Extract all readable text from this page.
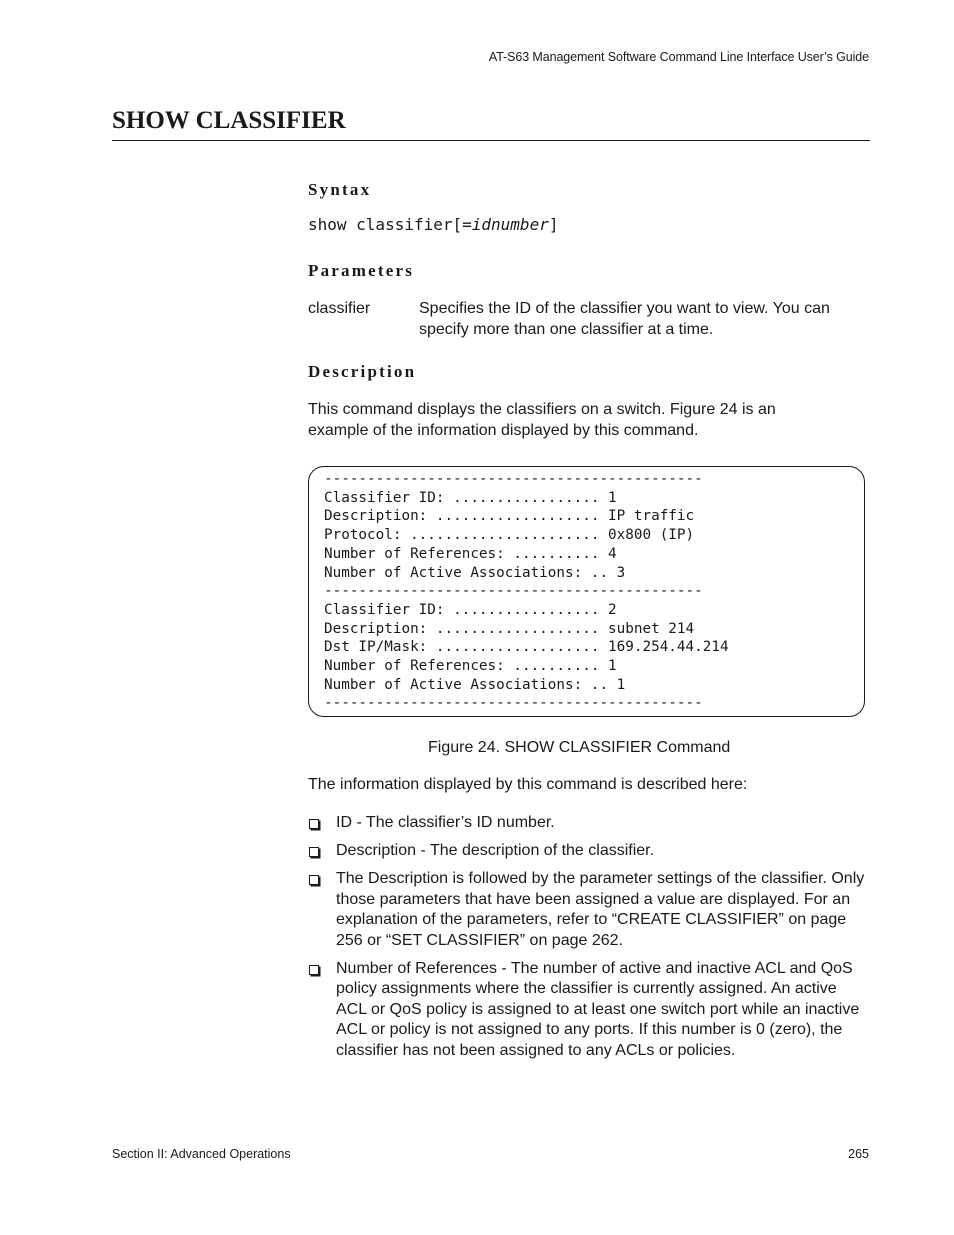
AT-S63 Management Software Command Line Interface User’s Guide
SHOW CLASSIFIER
Syntax
show classifier[=idnumber]
Parameters
classifier	Specifies the ID of the classifier you want to view. You can specify more than one classifier at a time.
Description
This command displays the classifiers on a switch. Figure 24 is an example of the information displayed by this command.
--------------------------------------------
Classifier ID: ................. 1
Description: ................... IP traffic
Protocol: ...................... 0x800 (IP)
Number of References: .......... 4
Number of Active Associations: .. 3
--------------------------------------------
Classifier ID: ................. 2
Description: ................... subnet 214
Dst IP/Mask: ................... 169.254.44.214
Number of References: .......... 1
Number of Active Associations: .. 1
--------------------------------------------
Figure 24. SHOW CLASSIFIER Command
The information displayed by this command is described here:
ID - The classifier’s ID number.
Description - The description of the classifier.
The Description is followed by the parameter settings of the classifier. Only those parameters that have been assigned a value are displayed. For an explanation of the parameters, refer to “CREATE CLASSIFIER” on page 256 or “SET CLASSIFIER” on page 262.
Number of References - The number of active and inactive ACL and QoS policy assignments where the classifier is currently assigned. An active ACL or QoS policy is assigned to at least one switch port while an inactive ACL or policy is not assigned to any ports. If this number is 0 (zero), the classifier has not been assigned to any ACLs or policies.
Section II: Advanced Operations	265
